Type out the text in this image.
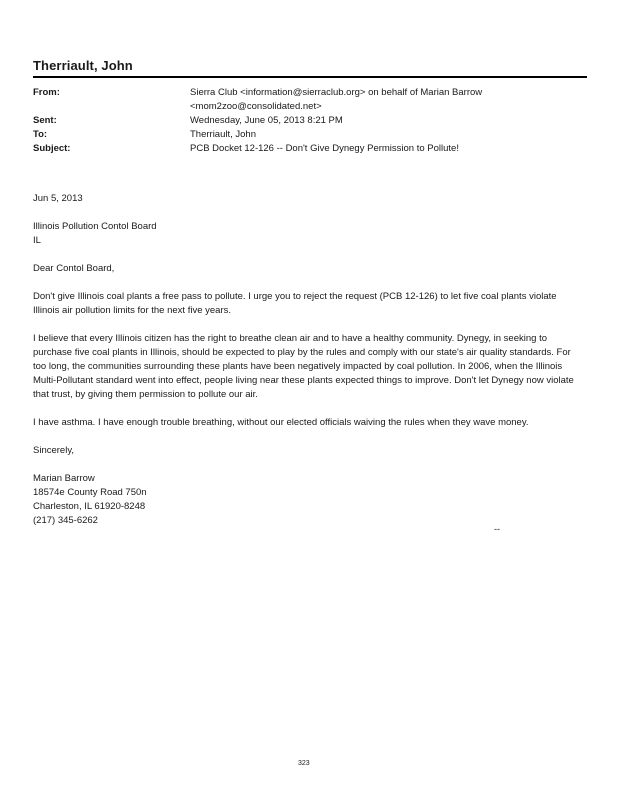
Therriault, John
From:	Sierra Club <information@sierraclub.org> on behalf of Marian Barrow
<mom2zoo@consolidated.net>
Sent:	Wednesday, June 05, 2013 8:21 PM
To:	Therriault, John
Subject:	PCB Docket 12-126 -- Don't Give Dynegy Permission to Pollute!

Jun 5, 2013

Illinois Pollution Contol Board

IL

Dear Contol Board,

Don't give Illinois coal plants a free pass to pollute. I urge you to reject the request (PCB 12-126) to let five coal plants violate Illinois air pollution limits for the next five years.

I believe that every Illinois citizen has the right to breathe clean air and to have a healthy community. Dynegy, in seeking to purchase five coal plants in Illinois, should be expected to play by the rules and comply with our state's air quality standards. For too long, the communities surrounding these plants have been negatively impacted by coal pollution. In 2006, when the Illinois Multi-Pollutant standard went into effect, people living near these plants expected things to improve. Don't let Dynegy now violate that trust, by giving them permission to pollute our air.

I have asthma. I have enough trouble breathing, without our elected officials waiving the rules when they wave money.

Sincerely,

Marian Barrow

18574e County Road 750n

Charleston, IL 61920-8248

(217) 345-6262

--
323
